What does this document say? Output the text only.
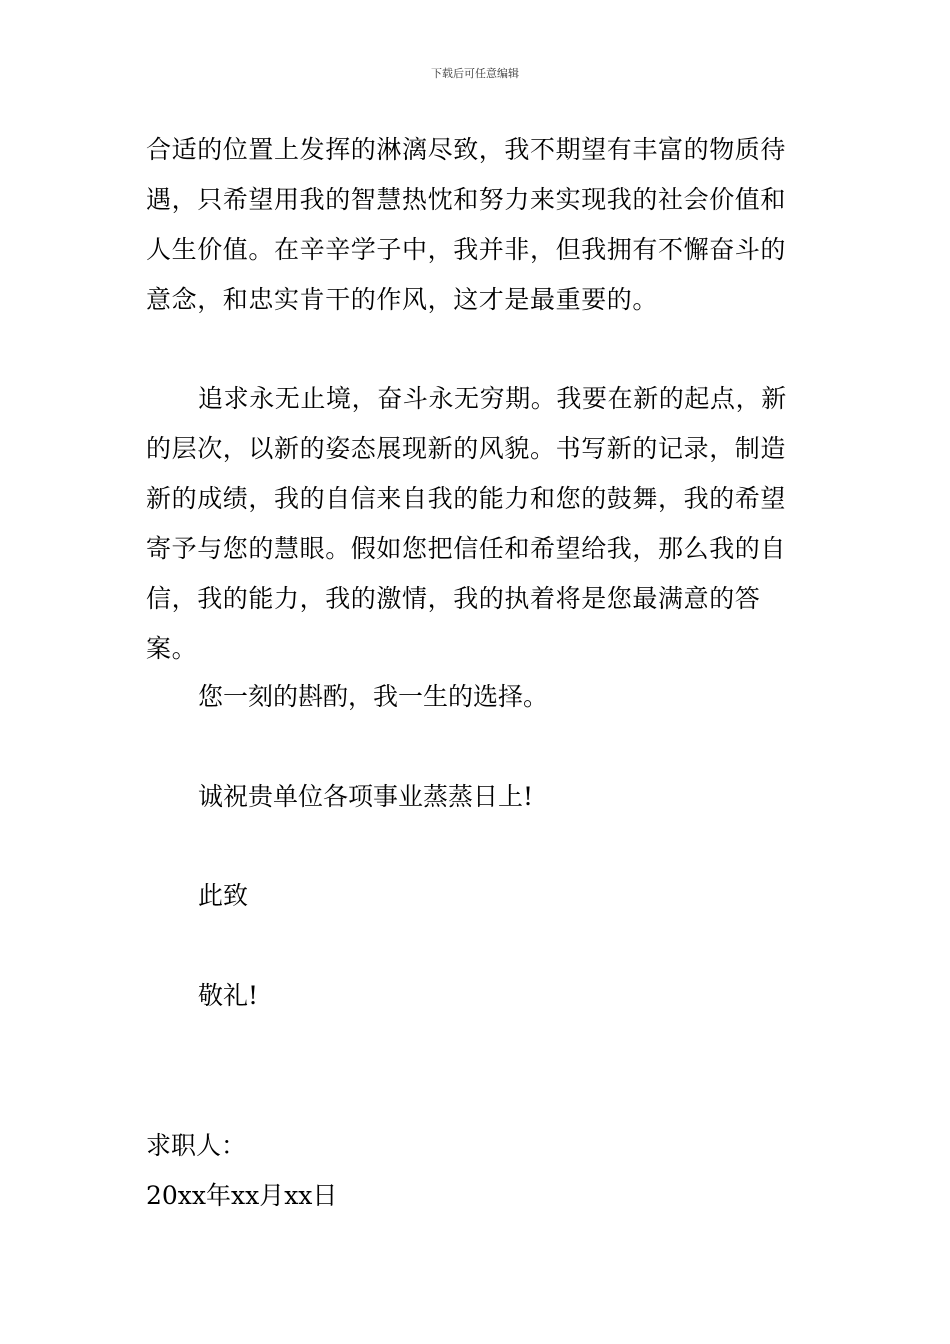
下载后可任意编辑

合适的位置上发挥的淋漓尽致，我不期望有丰富的物质待遇，只希望用我的智慧热忱和努力来实现我的社会价值和人生价值。在辛辛学子中，我并非，但我拥有不懈奋斗的意念，和忠实肯干的作风，这才是最重要的。

追求永无止境，奋斗永无穷期。我要在新的起点，新的层次，以新的姿态展现新的风貌。书写新的记录，制造新的成绩，我的自信来自我的能力和您的鼓舞，我的希望寄予与您的慧眼。假如您把信任和希望给我，那么我的自信，我的能力，我的激情，我的执着将是您最满意的答案。

您一刻的斟酌，我一生的选择。

诚祝贵单位各项事业蒸蒸日上!

此致

敬礼!

求职人：

20xx年xx月xx日
